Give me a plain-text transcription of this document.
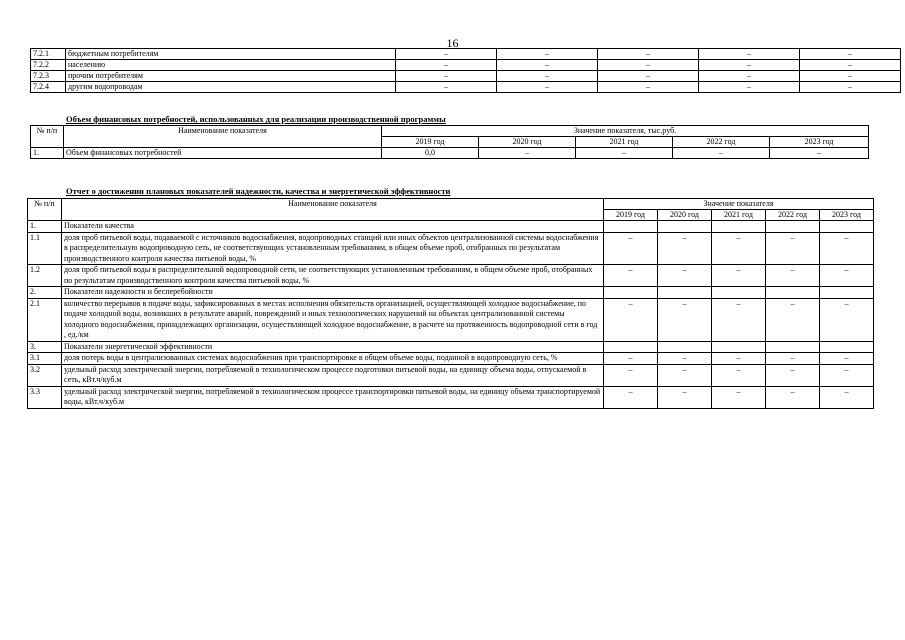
16
7.2.1	бюджетным потребителям	–	–	–	–	–
7.2.2	населению	–	–	–	–	–
7.2.3	прочим потребителям	–	–	–	–	–
7.2.4	другим водопроводам	–	–	–	–	–
Объем финансовых потребностей, использованных для реализации производственной программы
№ п/п	Наименование показателя	Значение показателя, тыс.руб.				
		2019 год	2020 год	2021 год	2022 год	2023 год
1.	Объем финансовых потребностей	0,0	–	–	–	–
Отчет о достижении плановых показателей надежности, качества и энергетической эффективности
№ п/п	Наименование показателя	Значение показателя				
		2019 год	2020 год	2021 год	2022 год	2023 год
1.	Показатели качества					
1.1	доля проб питьевой воды, подаваемой с источников водоснабжения, водопроводных станций или иных объектов централизованной системы водоснабжения в распределительную водопроводную сеть, не соответствующих установленным требованиям, в общем объеме проб, отобранных по результатам производственного контроля качества питьевой воды, %	–	–	–	–	–
1.2	доля проб питьевой воды в распределительной водопроводной сети, не соответствующих установленным требованиям, в общем объеме проб, отобранных по результатам производственного контроля качества питьевой воды, %	–	–	–	–	–
2.	Показатели надежности и бесперебойности					
2.1	количество перерывов в подаче воды, зафиксированных в местах исполнения обязательств организацией, осуществляющей холодное водоснабжение, по подаче холодной воды, возникших в результате аварий, повреждений и иных технологических нарушений на объектах централизованной системы холодного водоснабжения, принадлежащих организации, осуществляющей холодное водоснабжение, в расчете на протяженность водопроводной сети в год , ед./км	–	–	–	–	–
3.	Показатели энергетической эффективности					
3.1	доля потерь воды в централизованных системах водоснабжения при транспортировке в общем объеме воды, поданной в водопроводную сеть, %	–	–	–	–	–
3.2	удельный расход электрической энергии, потребляемой в технологическом процессе подготовки питьевой воды, на единицу объема воды, отпускаемой в сеть, кВт.ч/куб.м	–	–	–	–	–
3.3	удельный расход электрической энергии, потребляемой в технологическом процессе транспортировки питьевой воды, на единицу объема транспортируемой воды, кВт.ч/куб.м	–	–	–	–	–
